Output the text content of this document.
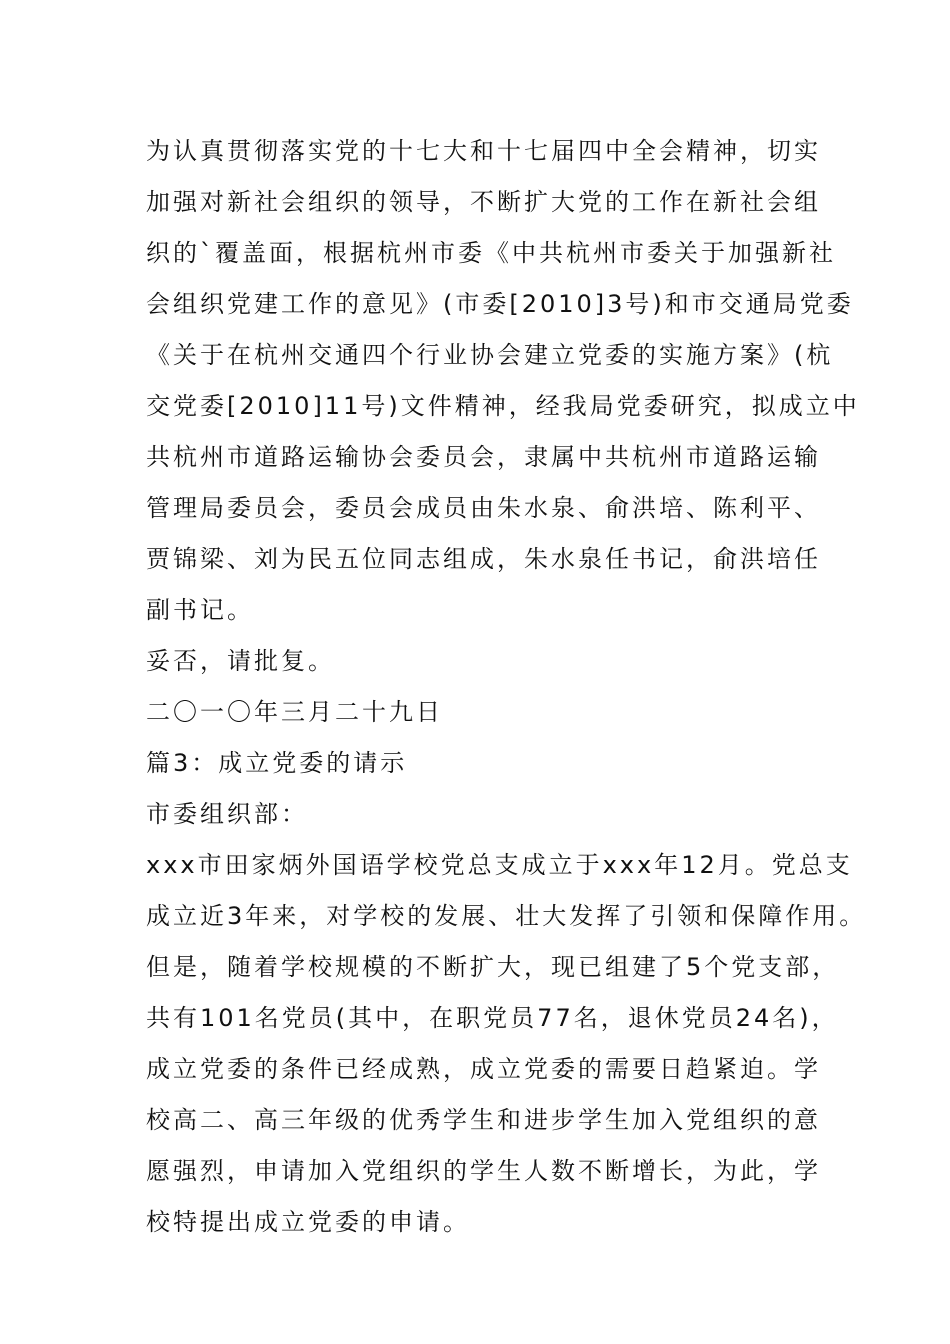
为认真贯彻落实党的十七大和十七届四中全会精神，切实
加强对新社会组织的领导，不断扩大党的工作在新社会组
织的`覆盖面，根据杭州市委《中共杭州市委关于加强新社
会组织党建工作的意见》(市委[2010]3号)和市交通局党委
《关于在杭州交通四个行业协会建立党委的实施方案》(杭
交党委[2010]11号)文件精神，经我局党委研究，拟成立中
共杭州市道路运输协会委员会，隶属中共杭州市道路运输
管理局委员会，委员会成员由朱水泉、俞洪培、陈利平、
贾锦梁、刘为民五位同志组成，朱水泉任书记，俞洪培任
副书记。
妥否，请批复。
二〇一〇年三月二十九日
篇3：成立党委的请示
市委组织部：
xxx市田家炳外国语学校党总支成立于xxx年12月。党总支
成立近3年来，对学校的发展、壮大发挥了引领和保障作用。
但是，随着学校规模的不断扩大，现已组建了5个党支部，
共有101名党员(其中，在职党员77名，退休党员24名)，
成立党委的条件已经成熟，成立党委的需要日趋紧迫。学
校高二、高三年级的优秀学生和进步学生加入党组织的意
愿强烈，申请加入党组织的学生人数不断增长，为此，学
校特提出成立党委的申请。
